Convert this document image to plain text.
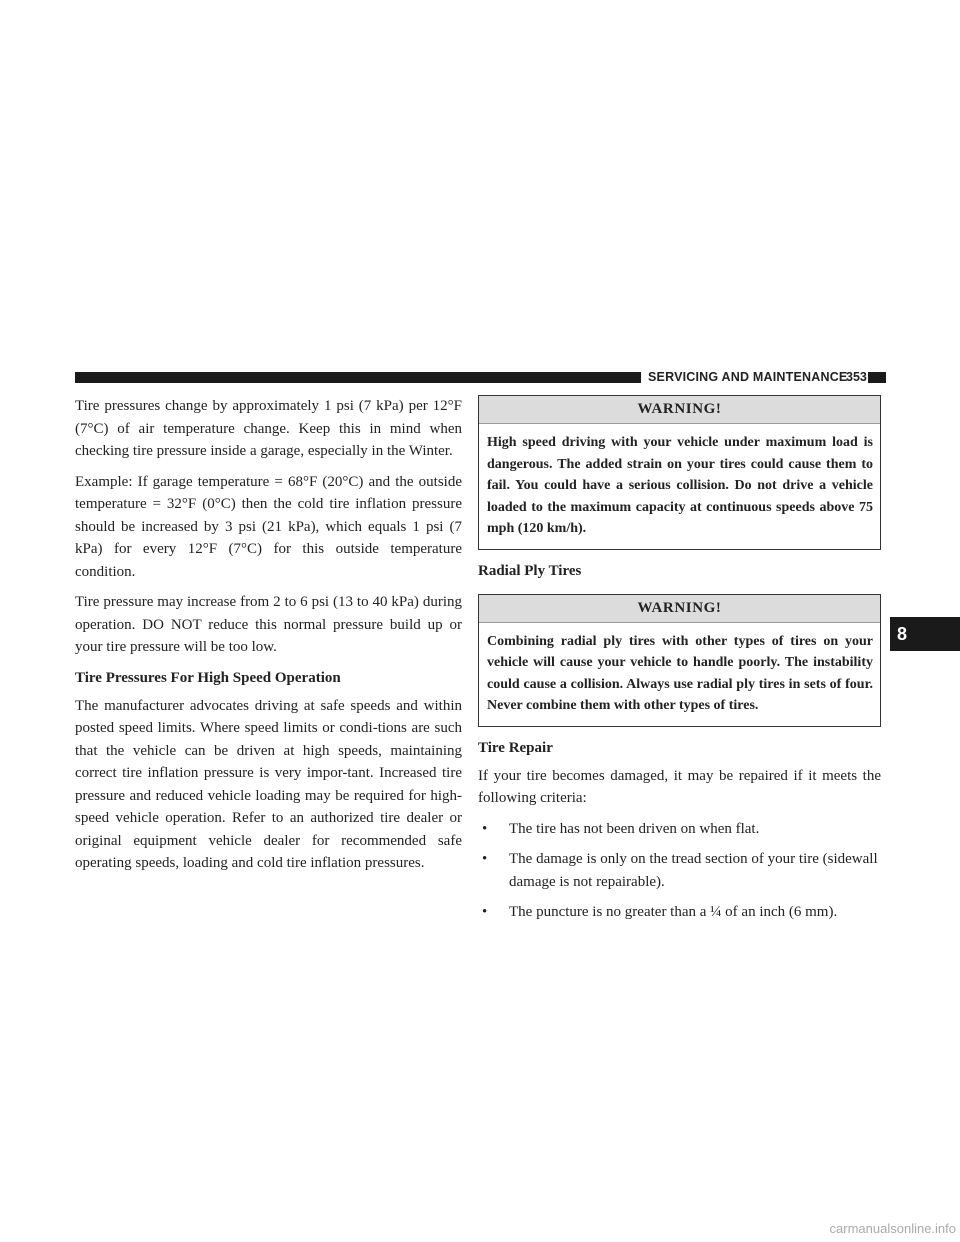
SERVICING AND MAINTENANCE
353

Tire pressures change by approximately 1 psi (7 kPa) per 12°F (7°C) of air temperature change. Keep this in mind when checking tire pressure inside a garage, especially in the Winter.

Example: If garage temperature = 68°F (20°C) and the outside temperature = 32°F (0°C) then the cold tire inflation pressure should be increased by 3 psi (21 kPa), which equals 1 psi (7 kPa) for every 12°F (7°C) for this outside temperature condition.

Tire pressure may increase from 2 to 6 psi (13 to 40 kPa) during operation. DO NOT reduce this normal pressure build up or your tire pressure will be too low.

Tire Pressures For High Speed Operation

The manufacturer advocates driving at safe speeds and within posted speed limits. Where speed limits or condi-tions are such that the vehicle can be driven at high speeds, maintaining correct tire inflation pressure is very impor-tant. Increased tire pressure and reduced vehicle loading may be required for high-speed vehicle operation. Refer to an authorized tire dealer or original equipment vehicle dealer for recommended safe operating speeds, loading and cold tire inflation pressures.

WARNING!
High speed driving with your vehicle under maximum load is dangerous. The added strain on your tires could cause them to fail. You could have a serious collision. Do not drive a vehicle loaded to the maximum capacity at continuous speeds above 75 mph (120 km/h).
Radial Ply Tires
WARNING!
Combining radial ply tires with other types of tires on your vehicle will cause your vehicle to handle poorly. The instability could cause a collision. Always use radial ply tires in sets of four. Never combine them with other types of tires.
Tire Repair

If your tire becomes damaged, it may be repaired if it meets the following criteria:

• The tire has not been driven on when flat.
• The damage is only on the tread section of your tire (sidewall damage is not repairable).
• The puncture is no greater than a ¼ of an inch (6 mm).
8
carmanualsonline.info
